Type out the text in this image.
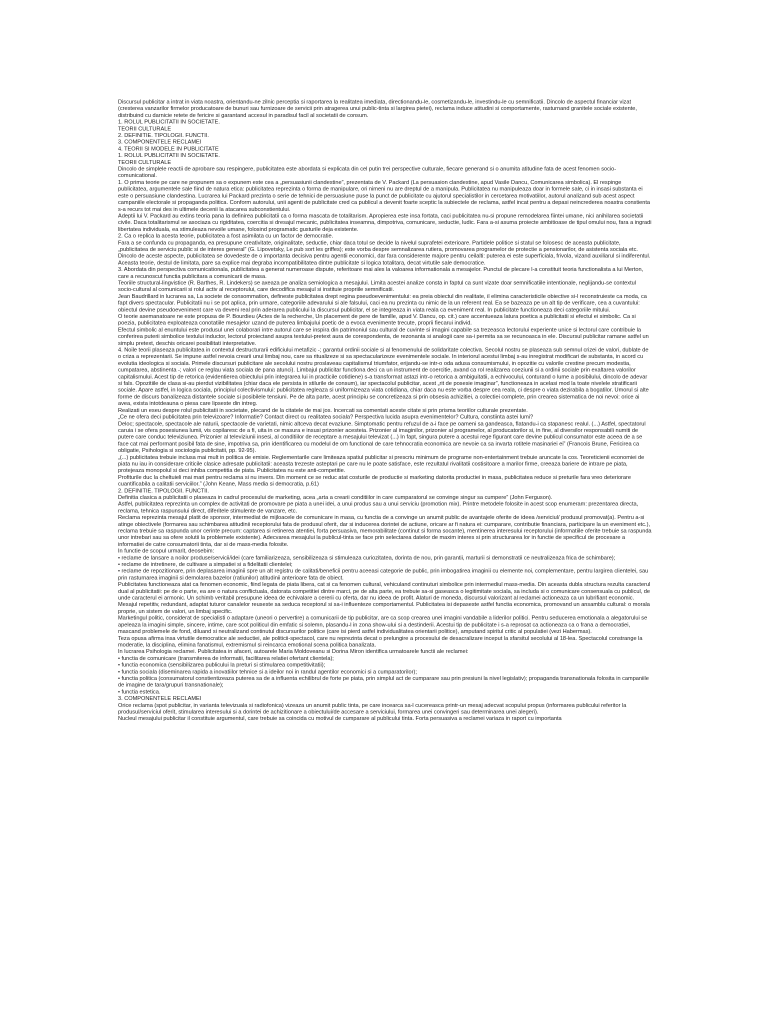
Discursul publicitar a intrat in viata noastra, orientandu-ne zilnic perceptia si raportarea la realitatea imediata, directionandu-le, cosmetizandu-le, investindu-le cu semnificatii. Dincolo de aspectul financiar vizat (cresterea vanzarilor firmelor producatoare de bunuri sau furnizoare de servicii prin atragerea unui public-tinta si largirea pietei), reclama induce atitudini si comportamente, rasturnand granitele sociale existente, distribuind cu darnicie retete de fericire si garantand accesul in paradisul facil al societatii de consum.

1. ROLUL PUBLICITATII IN SOCIETATE.

TEORII CULTURALE

2. DEFINITIE. TIPOLOGII. FUNCTII.

3. COMPONENTELE RECLAMEI

4. TEORII SI MODELE IN PUBLICITATE

1. ROLUL PUBLICITATII IN SOCIETATE.

TEORII CULTURALE

Dincolo de simplele reactii de aprobare sau respingere, publicitatea este abordata si explicata din cel putin trei perspective culturale, fiecare generand si o anumita atitudine fata de acest fenomen socio-comunicational.

1. O prima teorie pe care ne propunem sa o expunem este cea a „persuasiunii clandestine”, prezentata de V. Packard (La persuasion clandestine, apud Vasile Dancu, Comunicarea simbolica). El respinge publicitatea, argumentele sale fiind de natura etica: publicitatea reprezinta o forma de manipulare, ori nimeni nu are dreptul de a manipula. Publicitatea nu manipuleaza doar in formele sale, ci in insasi substanta ei este o persuasiune clandestina. Lucrarea lui Packard prezinta o serie de tehnici de persuasiune puse la punct de publicitate cu ajutorul specialistilor in cercetarea motivatiilor, autorul analizand sub acest aspect campaniile electorale si propaganda politica. Conform autorului, unii agenti de publicitate cred ca publicul a devenit foarte sceptic la subiectele de reclama, astfel incat pentru a depasi neincrederea noastra constienta s-a recurs tot mai des in ultimele decenii la atacarea subconstientului.

Adeptii lui V. Packard au extins teoria pana la definirea publicitatii ca o forma mascata de totalitarism. Apropierea este insa fortata, caci publicitatea nu-si propune remodelarea fiintei umane, nici anihilarea societatii civile. Daca totalitarismul se asociaza cu rigiditatea, coercitia si dresajul mecanic, publicitatea inseamna, dimpotriva, comunicare, seductie, ludic. Fara a-si asuma proiecte ambitioase de tipul omului nou, fara a ingradi libertatea individuala, ea stimuleaza nevoile umane, folosind programatic gusturile deja existente.

2. Ca o replica la acesta teorie, publicitatea a fost asimilata cu un factor de democratie.

Fara a se confunda cu propaganda, ea presupune creativitate, originalitate, seductie, chiar daca totul se decide la nivelul suprafetei exterioare. Partidele politice si statul se folosesc de aceasta publicitate, „publicitatea de serviciu public si de interes general” (G. Lipovetsky, Le pub sort les griffes); este vorba despre semnalizarea rutiera, promovarea programelor de protectie a pensionarilor, de asistenta sociala etc. Dincolo de aceste aspecte, publicitatea se dovedeste de o importanta decisiva pentru agentii economici, dar fara considerente majore pentru ceilalti: puterea ei este superficiala, frivola, vizand auxiliarul si indiferentul. Aceasta teorie, destul de limitata, pare sa explice mai degraba incompatibilitatea dintre publicitate si logica totalitara, decat virtutile sale democratice.

3. Abordata din perspectiva comunicationala, publicitatea a generat numeroase dispute, referitoare mai ales la valoarea informationala a mesajelor. Punctul de plecare l-a constituit teoria functionalista a lui Merton, care a recunoscut functia publicitara a comunicarii de masa.

Teoriile structural-lingvistice (R. Barthes, R. Lindekers) se axeaza pe analiza semiologica a mesajului. Limita acestei analize consta in faptul ca sunt vizate doar semnificatiile intentionale, neglijandu-se contextul socio-cultural al comunicarii si rolul activ al receptorului, care decodifica mesajul si instituie propriile semnificatii.

Jean Baudrillard in lucrarea sa, La societe de consommation, defineste publicitatea drept regina pseudoevenimentului: ea preia obiectul din realitate, il elimina caracteristicile obiective si-l reconstruieste ca moda, ca fapt divers spectacular. Publicitatii nu i se pot aplica, prin urmare, categoriile adevarului si ale falsului, caci ea nu prezinta cu nimic de la un referent real. Ea se bazeaza pe un alt tip de verificare, cea a cuvantului: obiectul devine pseudoeveniment care va deveni real prin aderarea publicului la discursul publicitar, el se integreaza in viata reala ca eveniment real. In publicitate functioneaza deci categoriile mitului.

O teorie asemanatoare ne este propusa de P. Bourdieu (Actes de la recherche, Un placement de pere de famille, apud V. Dancu, op. cit.) care accentueaza latura poetica a publicitatii si efectul ei simbolic. Ca si poezia, publicitatea exploateaza conotatiile mesajelor uzand de puterea limbajului poetic de a evoca evenimente trecute, proprii fiecarui individ.

Efectul simbolic al enuntului este produsul unei colaborari intre autorul care se inspira din patrimoniul sau cultural de cuvinte si imagini capabile sa trezeasca lectorului experiente unice si lectorul care contribuie la conferirea puterii simbolice textului inductor, lectorul proiectand asupra textului-pretext aura de corespondenta, de rezonanta si analogii care sa-i permita sa se recunoasca in ele. Discursul publicitar ramane astfel un simplu pretext, deschis oricarei posibilitati interpretative.

4. Noile teorii plaseaza publicitatea in contextul destructurarii edificiului metafizic -; garantul ordinii sociale si al fenomenului de solidaritate colectiva. Secolul nostru se plaseaza sub semnul crizei de valori, dublate de o criza a reprezentarii. Se impune astfel nevoia crearii unui limbaj nou, care sa ritualizeze si sa spectacularizeze evenimentele sociale. In interiorul acestui limbaj s-au inregistrat modificari de substanta, in acord cu evolutia ideologica si sociala. Primele discursuri publicitare ale secolului nostru proslaveau capitalismul triumfator, erijandu-se intr-o oda adusa consumismului, in opozitie cu valorile crestine precum modestia, cumpatarea, abstinenta -; valori ce reglau viata sociala de pana atunci). Limbajul publicitar functiona deci ca un instrument de coercitie, avand ca rol realizarea coeziunii si a ordinii sociale prin exaltarea valorilor capitalismului. Acest tip de retorica (evidentierea obiectului prin integrarea lui in practicile cotidiene) s-a transformat astazi intr-o retorica a ambiguitatii, a echivocului, conturand o lume a posibilului, dincolo de adevar si fals. Opozitiile de clasa si-au pierdut vizibilitatea (chiar daca ele persista in stilurile de consum), iar spectacolul publicitar, acest „rit de posesie imaginar”, functioneaza in acelasi mod la toate nivelele stratificarii sociale. Apare astfel, in logica sociala, principiul colectivismului: publicitatea regleaza si uniformizeaza viata cotidiana, chiar daca nu este vorba despre cea reala, ci despre o viata dezirabila a bogatilor. Umorul si alte forme de discurs banalizeaza distantele sociale si posibilele tensiuni. Pe de alta parte, acest principiu se concretizeaza si prin obsesia achizitiei, a colectiei complete, prin crearea sistematica de noi nevoi: orice ai avea, exista intotdeauna o piesa care lipseste din intreg.

Realizati un eseu despre rolul publicitatii in societate, plecand de la citatele de mai jos. Incercati sa comentati aceste citate si prin prisma teoriilor culturale prezentate.

„Ce ne ofera deci publicitatea prin televizoare? Informatie? Contact direct cu realitatea sociala? Perspectiva lucida asupra evenimentelor? Cultura, constiinta astei lumi?

Deloc; spectacole, spectacole ale naturii, spectacole de varietati, nimic altceva decat evaziune. Simptomatic pentru refuzul de a-i face pe oameni sa gandeasca, flatandu-i ca stapanesc realul. (...) Astfel, spectatorul caruia i se ofera posesiunea lumii, vis copilaresc de a fi, uita in ce masura e insusi prizonier acesteia. Prizonier al imaginilor, prizonier al programelor, al producatorilor si, in fine, al diversilor responsabili numiti de putere care conduc televiziunea. Prizonier al televiziunii insesi, al conditiilor de receptare a mesajului televizat (...) In fapt, singura putere a acestui rege figurant care devine publicul consumator este aceea de a se face cat mai performant posibil fata de sine, impotriva sa, prin identificarea cu modelul de om functional de care tehnocratia economica are nevoie ca sa invarta rotitele masinariei ei” (Francois Brune, Fericirea ca obligatie, Psihologia si sociologia publicitatii, pp. 92-95).

„(...) publicitatea trebuie inclusa mai mult in politica de emisie. Reglementarile care limiteaza spatiul publicitar si prescriu minimum de programe non-entertainment trebuie aruncate la cos. Teoreticienii economiei de piata nu iau in considerare criticile clasice adresate publicitatii: aceasta trezeste asteptari pe care nu le poate satisface, este rezultatul rivalitatii costisitoare a marilor firme, creeaza bariere de intrare pe piata, protejeaza monopolul si deci inhiba competitia de piata. Publicitatea nu este anti-competitie.

Profiturile duc la cheltuieli mai mari pentru reclama si nu invers. Din moment ce se reduc atat costurile de productie si marketing datorita productiei in masa, publicitatea reduce si preturile fara vreo deteriorare cuantificabila a calitatii serviciilor.” (John Keane, Mass media si democratia, p.61)

2. DEFINITIE. TIPOLOGII. FUNCTII.

Definitia clasica a publicitatii o plaseaza in cadrul procesului de marketing, acea „arta a crearii conditiilor in care cumparatorul se convinge singur sa cumpere” (John Ferguson).

Astfel, publicitatea reprezinta un complex de activitati de promovare pe piata a unei idei, a unui produs sau a unui serviciu (promotion mix). Printre metodele folosite in acest scop enumeram: prezentarea directa, reclama, tehnica raspunsului direct, diferitele stimulente de vanzare, etc.

Reclama reprezinta mesajul platit de sponsor, intermediat de mijloacele de comunicare in masa, cu functia de a convinge un anumit public de avantajele oferite de ideea /serviciul/ produsul promovat(a). Pentru a-si atinge obiectivele (formarea sau schimbarea atitudinii receptorului fata de produsul oferit, dar si inducerea dorintei de actiune, oricare ar fi natura ei: cumparare, contributie financiara, participare la un eveniment etc.), reclama trebuie sa raspunda unor cerinte precum: captarea si retinerea atentiei, forta persuasiva, memorabilitate (continut si forma socante), mentinerea interesului receptorului (informatiile oferite trebuie sa raspunda unor intrebari sau sa ofere solutii la problemele existente). Adecvarea mesajului la publicul-tinta se face prin selectarea datelor de maxim interes si prin structurarea lor in functie de specificul de procesare a informatiei de catre consumatorii tinta, dar si de mass-media folosite.

In functie de scopul urmarit, deosebim:

• reclame de lansare a noilor produse/servicii/idei (care familiarizeaza, sensibilizeaza si stimuleaza curiozitatea, dorinta de nou, prin garantii, marturii si demonstratii ce neutralizeaza frica de schimbare);

• reclame de intretinere, de cultivare a simpatiei si a fidelitatii clientelei;

• reclame de repozitionare, prin deplasarea imaginii spre un alt registru de calitati/beneficii pentru aceeasi categorie de public, prin imbogatirea imaginii cu elemente noi, complementare, pentru largirea clientelei, sau prin rasturnarea imaginii si demolarea bazelor (ratiunilor) atitudinii anterioare fata de obiect.

Publicitatea functioneaza atat ca fenomen economic, fiind legata de piata libera, cat si ca fenomen cultural, vehiculand continuturi simbolice prin intermediul mass-media. Din aceasta dubla structura rezulta caracterul dual al publicitatii: pe de o parte, ea are o natura conflictuala, datorata competitiei dintre marci, pe de alta parte, ea trebuie sa-si gaseasca o legitimitate sociala, sa includa si o comunicare consensuala cu publicul, de unde caracterul ei armonic. Un schimb veritabil presupune ideea de echivalare a cererii cu oferta, dar nu ideea de profit. Alaturi de moneda, discursul valorizant al reclamei actioneaza ca un lubrifiant economic.

Mesajul repetitiv, redundant, adaptat tuturor canalelor reuseste sa seduca receptorul si sa-i influenteze comportamentul. Publicitatea isi depaseste astfel functia economica, promovand un ansamblu cultural: o morala proprie, un sistem de valori, un limbaj specific.

Marketingul politic, considerat de specialisti o adaptare (uneori o pervertire) a comunicarii de tip publicitar, are ca scop crearea unei imagini vandabile a liderilor politici. Pentru seducerea emotionala a alegatorului se apeleaza la imagini simple, sincere, intime, care scot politicul din emfatic si solemn, plasandu-l in zona show-ului si a destinderii. Acestui tip de publicitate i s-a reprosat ca actioneaza ca o frana a democratiei, mascand problemele de fond, diluand si neutralizand continutul discursurilor politice (care isi pierd astfel individualitatea orientarii politice), amputand spiritul critic al populatiei (vezi Habermas).

Teza opusa afirma insa virtutile democratice ale seductiei, ale politicii-spectacol, care nu reprezinta decat o prelungire a procesului de desacralizare inceput la sfarsitul secolului al 18-lea. Spectacolul constrange la moderatie, la disciplina, elimina fanatismul, extremismul si reincarca emotional scena politica banalizata.

In lucrarea Psihologia reclamei. Publicitatea in afaceri, autoarele Maria Moldoveanu si Dorina Miron identifica urmatoarele functii ale reclamei:

• functia de comunicare (transmiterea de informatii, facilitarea relatiei ofertant clientela);

• functia economica (sensibilizarea publicului la preturi si stimularea competitivitatii);

• functia sociala (diseminarea rapida a inovatiilor tehnice si a ideilor noi in randul agentilor economici si a cumparatorilor);

• functia politica (consumatorul constientizeaza puterea sa de a influenta echilibrul de forte pe piata, prin simplul act de cumparare sau prin presiuni la nivel legislativ); propaganda transnationala folosita in campaniile de imagine de tara/grupuri transnationale);

• functia estetica.

3. COMPONENTELE RECLAMEI

Orice reclama (spot publicitar, in varianta televizuala si radiofonica) vizeaza un anumit public tinta, pe care incearca sa-l cucereasca printr-un mesaj adecvat scopului propus (informarea publicului referitor la produsul/serviciul oferit, stimularea interesului si a dorintei de achizitionare a obiectului/de accesare a serviciului, formarea unei convingeri sau determinarea unei alegeri).

Nucleul mesajului publicitar il constituie argumentul, care trebuie sa coincida cu motivul de cumparare al publicului tinta. Forta persuasiva a reclamei variaza in raport cu importanta
